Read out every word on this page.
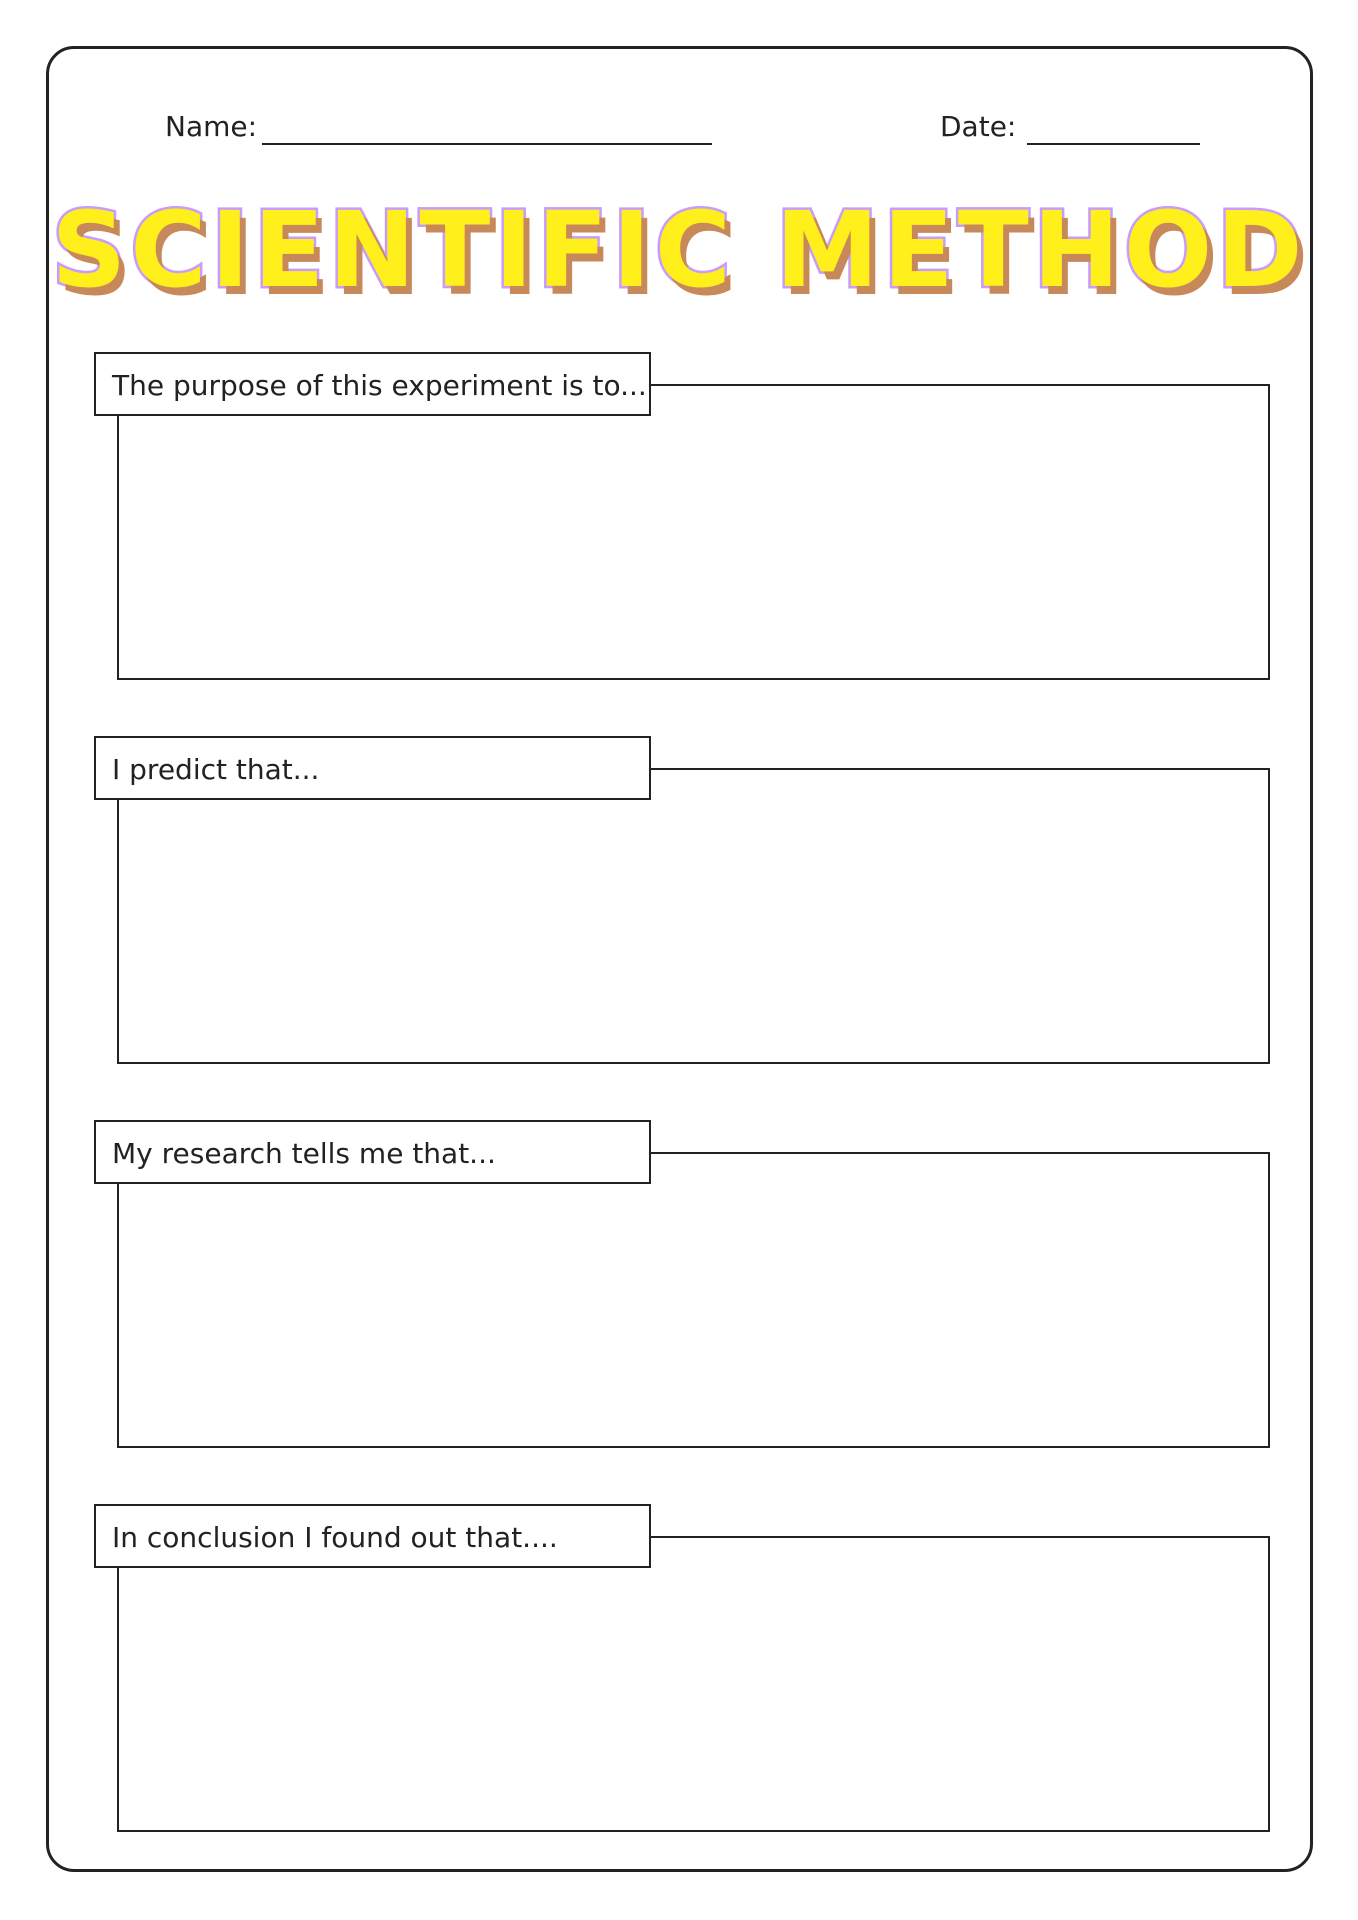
Name:	Date:
SCIENTIFIC METHOD
The purpose of this experiment is to...
I predict that...
My research tells me that...
In conclusion I found out that....
